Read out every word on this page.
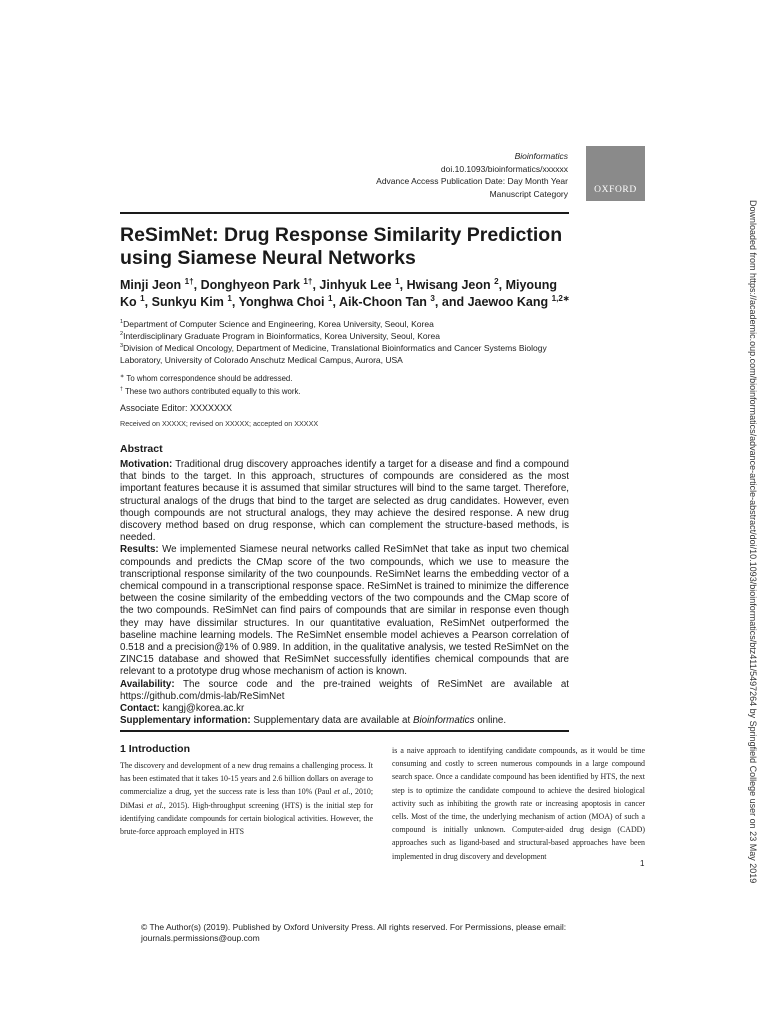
Bioinformatics
doi.10.1093/bioinformatics/xxxxxx
Advance Access Publication Date: Day Month Year
Manuscript Category	OXFORD
Downloaded from https://academic.oup.com/bioinformatics/advance-article-abstract/doi/10.1093/bioinformatics/btz411/5497264 by Springfield College user on 23 May 2019
ReSimNet: Drug Response Similarity Prediction using Siamese Neural Networks
Minji Jeon $^{1\dagger}$, Donghyeon Park $^{1\dagger}$, Jinhyuk Lee $^1$, Hwisang Jeon $^2$, Miyoung Ko $^1$, Sunkyu Kim $^1$, Yonghwa Choi $^1$, Aik-Choon Tan $^3$, and Jaewoo Kang $^{1,2∗}$
$^1$Department of Computer Science and Engineering, Korea University, Seoul, Korea
$^2$Interdisciplinary Graduate Program in Bioinformatics, Korea University, Seoul, Korea
$^3$Division of Medical Oncology, Department of Medicine, Translational Bioinformatics and Cancer Systems Biology Laboratory, University of Colorado Anschutz Medical Campus, Aurora, USA
∗ To whom correspondence should be addressed.
† These two authors contributed equally to this work.
Associate Editor: XXXXXXX
Received on XXXXX; revised on XXXXX; accepted on XXXXX
Abstract

Motivation: Traditional drug discovery approaches identify a target for a disease and find a compound that binds to the target. In this approach, structures of compounds are considered as the most important features because it is assumed that similar structures will bind to the same target. Therefore, structural analogs of the drugs that bind to the target are selected as drug candidates. However, even though compounds are not structural analogs, they may achieve the desired response. A new drug discovery method based on drug response, which can complement the structure-based methods, is needed.

Results: We implemented Siamese neural networks called ReSimNet that take as input two chemical compounds and predicts the CMap score of the two compounds, which we use to measure the transcriptional response similarity of the two counpounds. ReSimNet learns the embedding vector of a chemical compound in a transcriptional response space. ReSimNet is trained to minimize the difference between the cosine similarity of the embedding vectors of the two compounds and the CMap score of the two compounds. ReSimNet can find pairs of compounds that are similar in response even though they may have dissimilar structures. In our quantitative evaluation, ReSimNet outperformed the baseline machine learning models. The ReSimNet ensemble model achieves a Pearson correlation of 0.518 and a precision@1% of 0.989. In addition, in the qualitative analysis, we tested ReSimNet on the ZINC15 database and showed that ReSimNet successfully identifies chemical compounds that are relevant to a prototype drug whose mechanism of action is known.

Availability: The source code and the pre-trained weights of ReSimNet are available at https://github.com/dmis-lab/ReSimNet

Contact: kangj@korea.ac.kr

Supplementary information: Supplementary data are available at Bioinformatics online.

1 Introduction
The discovery and development of a new drug remains a challenging process. It has been estimated that it takes 10-15 years and 2.6 billion dollars on average to commercialize a drug, yet the success rate is less than 10% (Paul et al., 2010; DiMasi et al., 2015). High-throughput screening (HTS) is the initial step for identifying candidate compounds for certain biological activities. However, the brute-force approach employed in HTS
is a naive approach to identifying candidate compounds, as it would be time consuming and costly to screen numerous compounds in a large compound search space. Once a candidate compound has been identified by HTS, the next step is to optimize the candidate compound to achieve the desired biological activity such as inhibiting the growth rate or increasing apoptosis in cancer cells. Most of the time, the underlying mechanism of action (MOA) of such a compound is initially unknown. Computer-aided drug design (CADD) approaches such as ligand-based and structural-based approaches have been implemented in drug discovery and development
1
© The Author(s) (2019). Published by Oxford University Press. All rights reserved. For Permissions, please email: journals.permissions@oup.com
